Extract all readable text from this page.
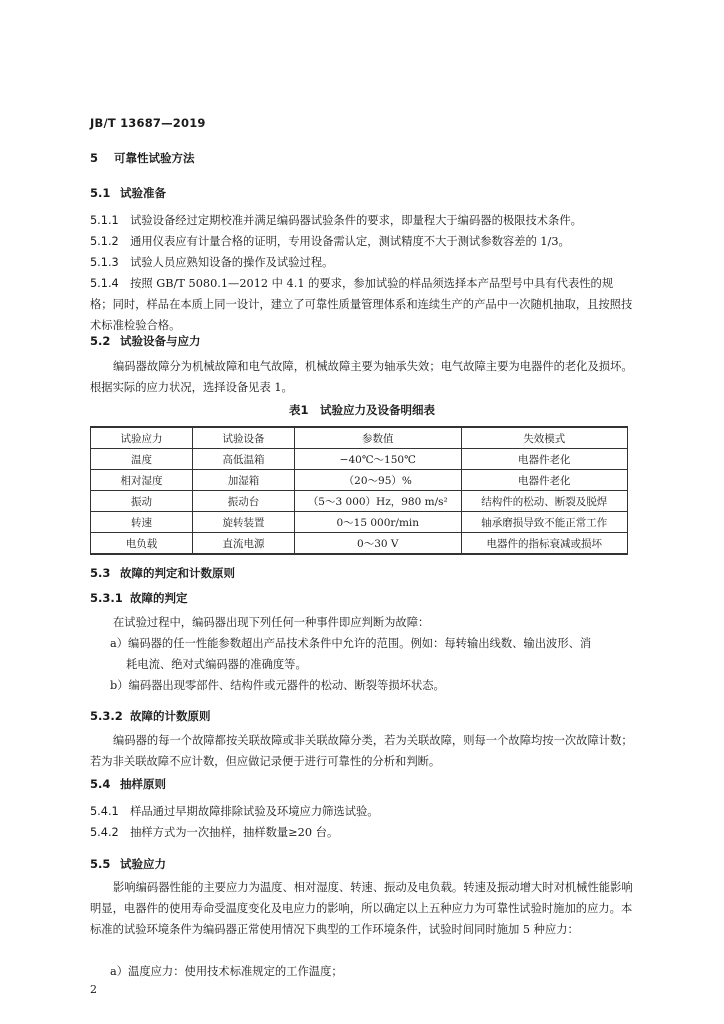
JB/T 13687—2019
5 可靠性试验方法
5.1 试验准备
5.1.1　 试验设备经过定期校准并满足编码器试验条件的要求，即量程大于编码器的极限技术条件。
5.1.2　 通用仪表应有计量合格的证明，专用设备需认定，测试精度不大于测试参数容差的 1/3。
5.1.3　 试验人员应熟知设备的操作及试验过程。
5.1.4　 按照 GB/T 5080.1—2012 中 4.1 的要求，参加试验的样品须选择本产品型号中具有代表性的规格；同时，样品在本质上同一设计，建立了可靠性质量管理体系和连续生产的产品中一次随机抽取，且按照技术标准检验合格。
5.2 试验设备与应力
编码器故障分为机械故障和电气故障，机械故障主要为轴承失效；电气故障主要为电器件的老化及损坏。根据实际的应力状况，选择设备见表 1。
表1　试验应力及设备明细表
试验应力	试验设备	参数值	失效模式
温度	高低温箱	−40℃～150℃	电器件老化
相对湿度	加湿箱	（20～95）%	电器件老化
振动	振动台	（5～3 000）Hz，980 m/s²	结构件的松动、断裂及脱焊
转速	旋转装置	0～15 000r/min	轴承磨损导致不能正常工作
电负载	直流电源	0～30 V	电器件的指标衰减或损坏
5.3 故障的判定和计数原则
5.3.1 故障的判定
在试验过程中，编码器出现下列任何一种事件即应判断为故障：
a）编码器的任一性能参数超出产品技术条件中允许的范围。例如：每转输出线数、输出波形、消
耗电流、绝对式编码器的准确度等。
b）编码器出现零部件、结构件或元器件的松动、断裂等损坏状态。
5.3.2 故障的计数原则
编码器的每一个故障都按关联故障或非关联故障分类，若为关联故障，则每一个故障均按一次故障计数；若为非关联故障不应计数，但应做记录便于进行可靠性的分析和判断。
5.4 抽样原则
5.4.1　 样品通过早期故障排除试验及环境应力筛选试验。
5.4.2　 抽样方式为一次抽样，抽样数量≥20 台。
5.5 试验应力
影响编码器性能的主要应力为温度、相对湿度、转速、振动及电负载。转速及振动增大时对机械性能影响明显，电器件的使用寿命受温度变化及电应力的影响，所以确定以上五种应力为可靠性试验时施加的应力。本标准的试验环境条件为编码器正常使用情况下典型的工作环境条件，试验时间同时施加 5 种应力：
a）温度应力：使用技术标准规定的工作温度；
2
